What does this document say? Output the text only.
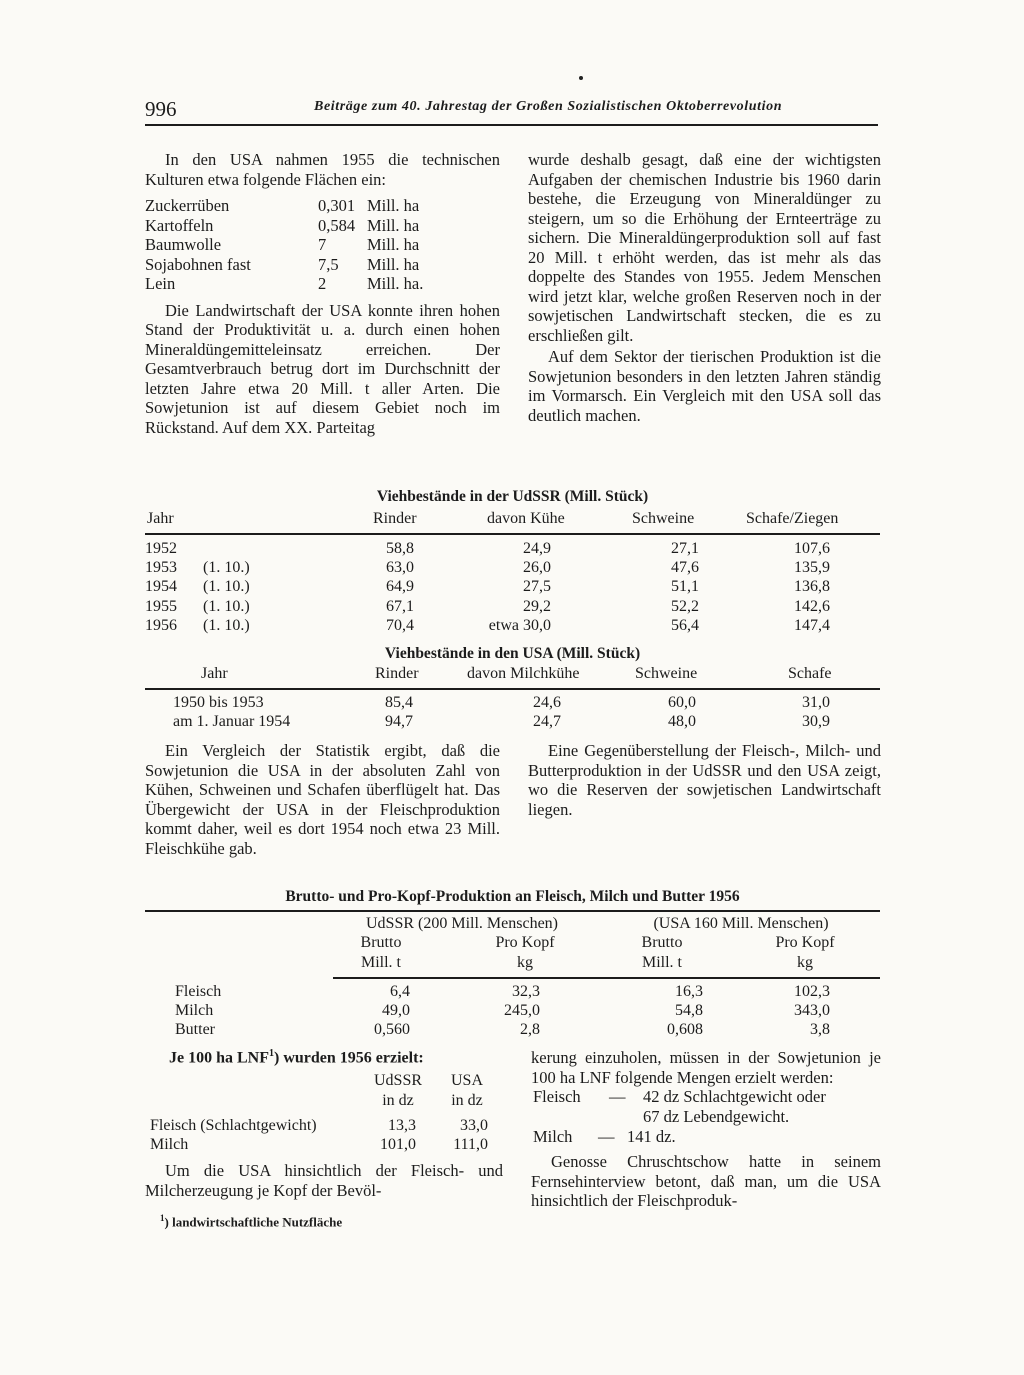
996	Beiträge zum 40. Jahrestag der Großen Sozialistischen Oktoberrevolution

In den USA nahmen 1955 die technischen Kulturen etwa folgende Flächen ein:

Zuckerrüben	0,301 Mill. ha
Kartoffeln	0,584 Mill. ha
Baumwolle	7 Mill. ha
Sojabohnen fast	7,5 Mill. ha
Lein	2 Mill. ha.

Die Landwirtschaft der USA konnte ihren hohen Stand der Produktivität u. a. durch einen hohen Mineraldüngemitteleinsatz erreichen. Der Gesamtverbrauch betrug dort im Durchschnitt der letzten Jahre etwa 20 Mill. t aller Arten. Die Sowjetunion ist auf diesem Gebiet noch im Rückstand. Auf dem XX. Parteitag

wurde deshalb gesagt, daß eine der wichtigsten Aufgaben der chemischen Industrie bis 1960 darin bestehe, die Erzeugung von Mineraldünger zu steigern, um so die Erhöhung der Ernteerträge zu sichern. Die Mineraldüngerproduktion soll auf fast 20 Mill. t erhöht werden, das ist mehr als das doppelte des Standes von 1955. Jedem Menschen wird jetzt klar, welche großen Reserven noch in der sowjetischen Landwirtschaft stecken, die es zu erschließen gilt.

Auf dem Sektor der tierischen Produktion ist die Sowjetunion besonders in den letzten Jahren ständig im Vormarsch. Ein Vergleich mit den USA soll das deutlich machen.

Viehbestände in der UdSSR (Mill. Stück)
Jahr	Rinder	davon Kühe	Schweine	Schafe/Ziegen
1952	58,8	24,9	27,1	107,6
1953 (1. 10.)	63,0	26,0	47,6	135,9
1954 (1. 10.)	64,9	27,5	51,1	136,8
1955 (1. 10.)	67,1	29,2	52,2	142,6
1956 (1. 10.)	70,4	etwa 30,0	56,4	147,4
Viehbestände in den USA (Mill. Stück)
Jahr	Rinder	davon Milchkühe	Schweine	Schafe
1950 bis 1953	85,4	24,6	60,0	31,0
am 1. Januar 1954	94,7	24,7	48,0	30,9

Ein Vergleich der Statistik ergibt, daß die Sowjetunion die USA in der absoluten Zahl von Kühen, Schweinen und Schafen überflügelt hat. Das Übergewicht der USA in der Fleischproduktion kommt daher, weil es dort 1954 noch etwa 23 Mill. Fleischkühe gab.

Eine Gegenüberstellung der Fleisch-, Milch- und Butterproduktion in der UdSSR und den USA zeigt, wo die Reserven der sowjetischen Landwirtschaft liegen.

Brutto- und Pro-Kopf-Produktion an Fleisch, Milch und Butter 1956
UdSSR (200 Mill. Menschen)	(USA 160 Mill. Menschen)
Brutto	Pro Kopf	Brutto	Pro Kopf
Mill. t	kg	Mill. t	kg
Fleisch	6,4	32,3	16,3	102,3
Milch	49,0	245,0	54,8	343,0
Butter	0,560	2,8	0,608	3,8
Je 100 ha LNF$^1$) wurden 1956 erzielt:
UdSSR	USA
in dz	in dz
Fleisch (Schlachtgewicht)	13,3	33,0
Milch	101,0 111,0

Um die USA hinsichtlich der Fleisch- und Milcherzeugung je Kopf der Bevöl-

$^1$) landwirtschaftliche Nutzfläche

kerung einzuholen, müssen in der Sowjetunion je 100 ha LNF folgende Mengen erzielt werden:

Fleisch — 42 dz Schlachtgewicht oder
67 dz Lebendgewicht.
Milch — 141 dz.

Genosse Chruschtschow hatte in seinem Fernsehinterview betont, daß man, um die USA hinsichtlich der Fleischproduk-
